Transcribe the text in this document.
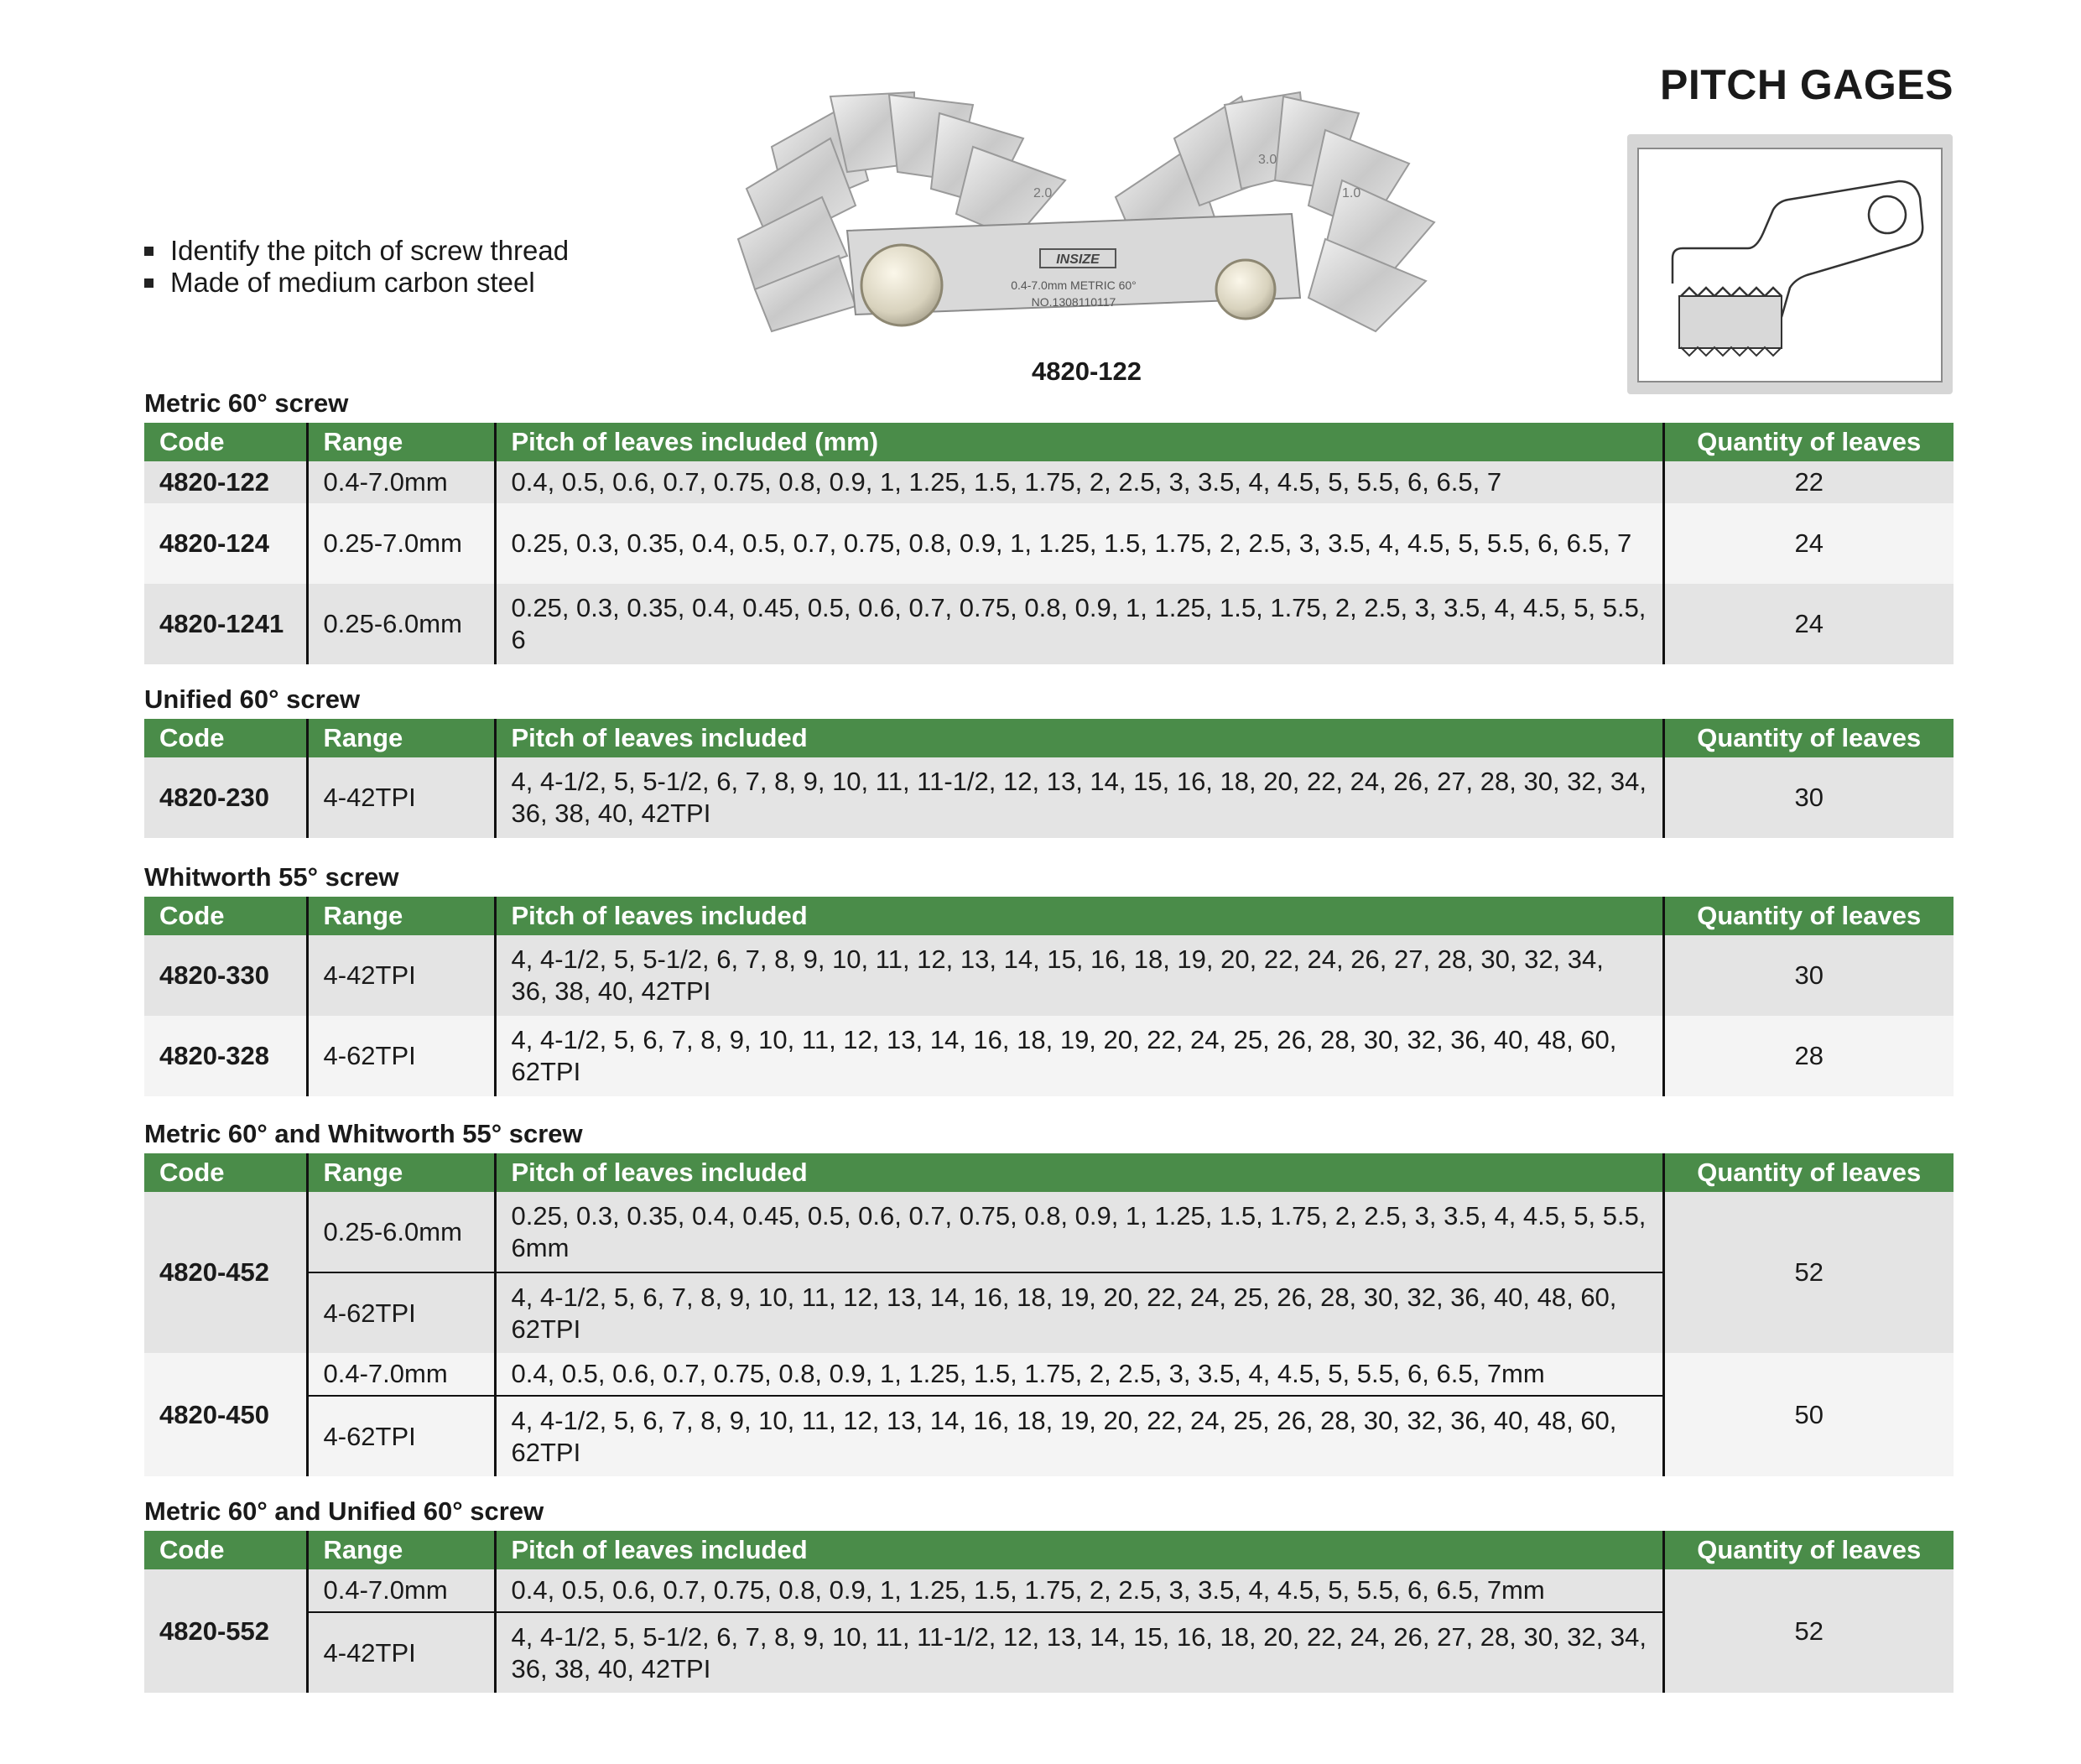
PITCH GAGES
Identify the pitch of screw thread
Made of medium carbon steel
INSIZE
0.4-7.0mm METRIC 60°
NO.1308110117
2.0
3.0
1.0
4820-122
Metric 60° screw
Code	Range	Pitch of leaves included (mm)	Quantity of leaves
4820-122	0.4-7.0mm	0.4, 0.5, 0.6, 0.7, 0.75, 0.8, 0.9, 1, 1.25, 1.5, 1.75, 2, 2.5, 3, 3.5, 4, 4.5, 5, 5.5, 6, 6.5, 7	22
4820-124	0.25-7.0mm	0.25, 0.3, 0.35, 0.4, 0.5, 0.7, 0.75, 0.8, 0.9, 1, 1.25, 1.5, 1.75, 2, 2.5, 3, 3.5, 4, 4.5, 5, 5.5, 6, 6.5, 7	24
4820-1241	0.25-6.0mm	0.25, 0.3, 0.35, 0.4, 0.45, 0.5, 0.6, 0.7, 0.75, 0.8, 0.9, 1, 1.25, 1.5, 1.75, 2, 2.5, 3, 3.5, 4, 4.5, 5, 5.5, 6	24
Unified 60° screw
Code	Range	Pitch of leaves included	Quantity of leaves
4820-230	4-42TPI	4, 4-1/2, 5, 5-1/2, 6, 7, 8, 9, 10, 11, 11-1/2, 12, 13, 14, 15, 16, 18, 20, 22, 24, 26, 27, 28, 30, 32, 34, 36, 38, 40, 42TPI	30
Whitworth 55° screw
Code	Range	Pitch of leaves included	Quantity of leaves
4820-330	4-42TPI	4, 4-1/2, 5, 5-1/2, 6, 7, 8, 9, 10, 11, 12, 13, 14, 15, 16, 18, 19, 20, 22, 24, 26, 27, 28, 30, 32, 34, 36, 38, 40, 42TPI	30
4820-328	4-62TPI	4, 4-1/2, 5, 6, 7, 8, 9, 10, 11, 12, 13, 14, 16, 18, 19, 20, 22, 24, 25, 26, 28, 30, 32, 36, 40, 48, 60, 62TPI	28
Metric 60° and Whitworth 55° screw
Code	Range	Pitch of leaves included	Quantity of leaves
4820-452	0.25-6.0mm	0.25, 0.3, 0.35, 0.4, 0.45, 0.5, 0.6, 0.7, 0.75, 0.8, 0.9, 1, 1.25, 1.5, 1.75, 2, 2.5, 3, 3.5, 4, 4.5, 5, 5.5, 6mm	52
	4-62TPI	4, 4-1/2, 5, 6, 7, 8, 9, 10, 11, 12, 13, 14, 16, 18, 19, 20, 22, 24, 25, 26, 28, 30, 32, 36, 40, 48, 60, 62TPI	
4820-450	0.4-7.0mm	0.4, 0.5, 0.6, 0.7, 0.75, 0.8, 0.9, 1, 1.25, 1.5, 1.75, 2, 2.5, 3, 3.5, 4, 4.5, 5, 5.5, 6, 6.5, 7mm	50
	4-62TPI	4, 4-1/2, 5, 6, 7, 8, 9, 10, 11, 12, 13, 14, 16, 18, 19, 20, 22, 24, 25, 26, 28, 30, 32, 36, 40, 48, 60, 62TPI	
Metric 60° and Unified 60° screw
Code	Range	Pitch of leaves included	Quantity of leaves
4820-552	0.4-7.0mm	0.4, 0.5, 0.6, 0.7, 0.75, 0.8, 0.9, 1, 1.25, 1.5, 1.75, 2, 2.5, 3, 3.5, 4, 4.5, 5, 5.5, 6, 6.5, 7mm	52
	4-42TPI	4, 4-1/2, 5, 5-1/2, 6, 7, 8, 9, 10, 11, 11-1/2, 12, 13, 14, 15, 16, 18, 20, 22, 24, 26, 27, 28, 30, 32, 34, 36, 38, 40, 42TPI	
